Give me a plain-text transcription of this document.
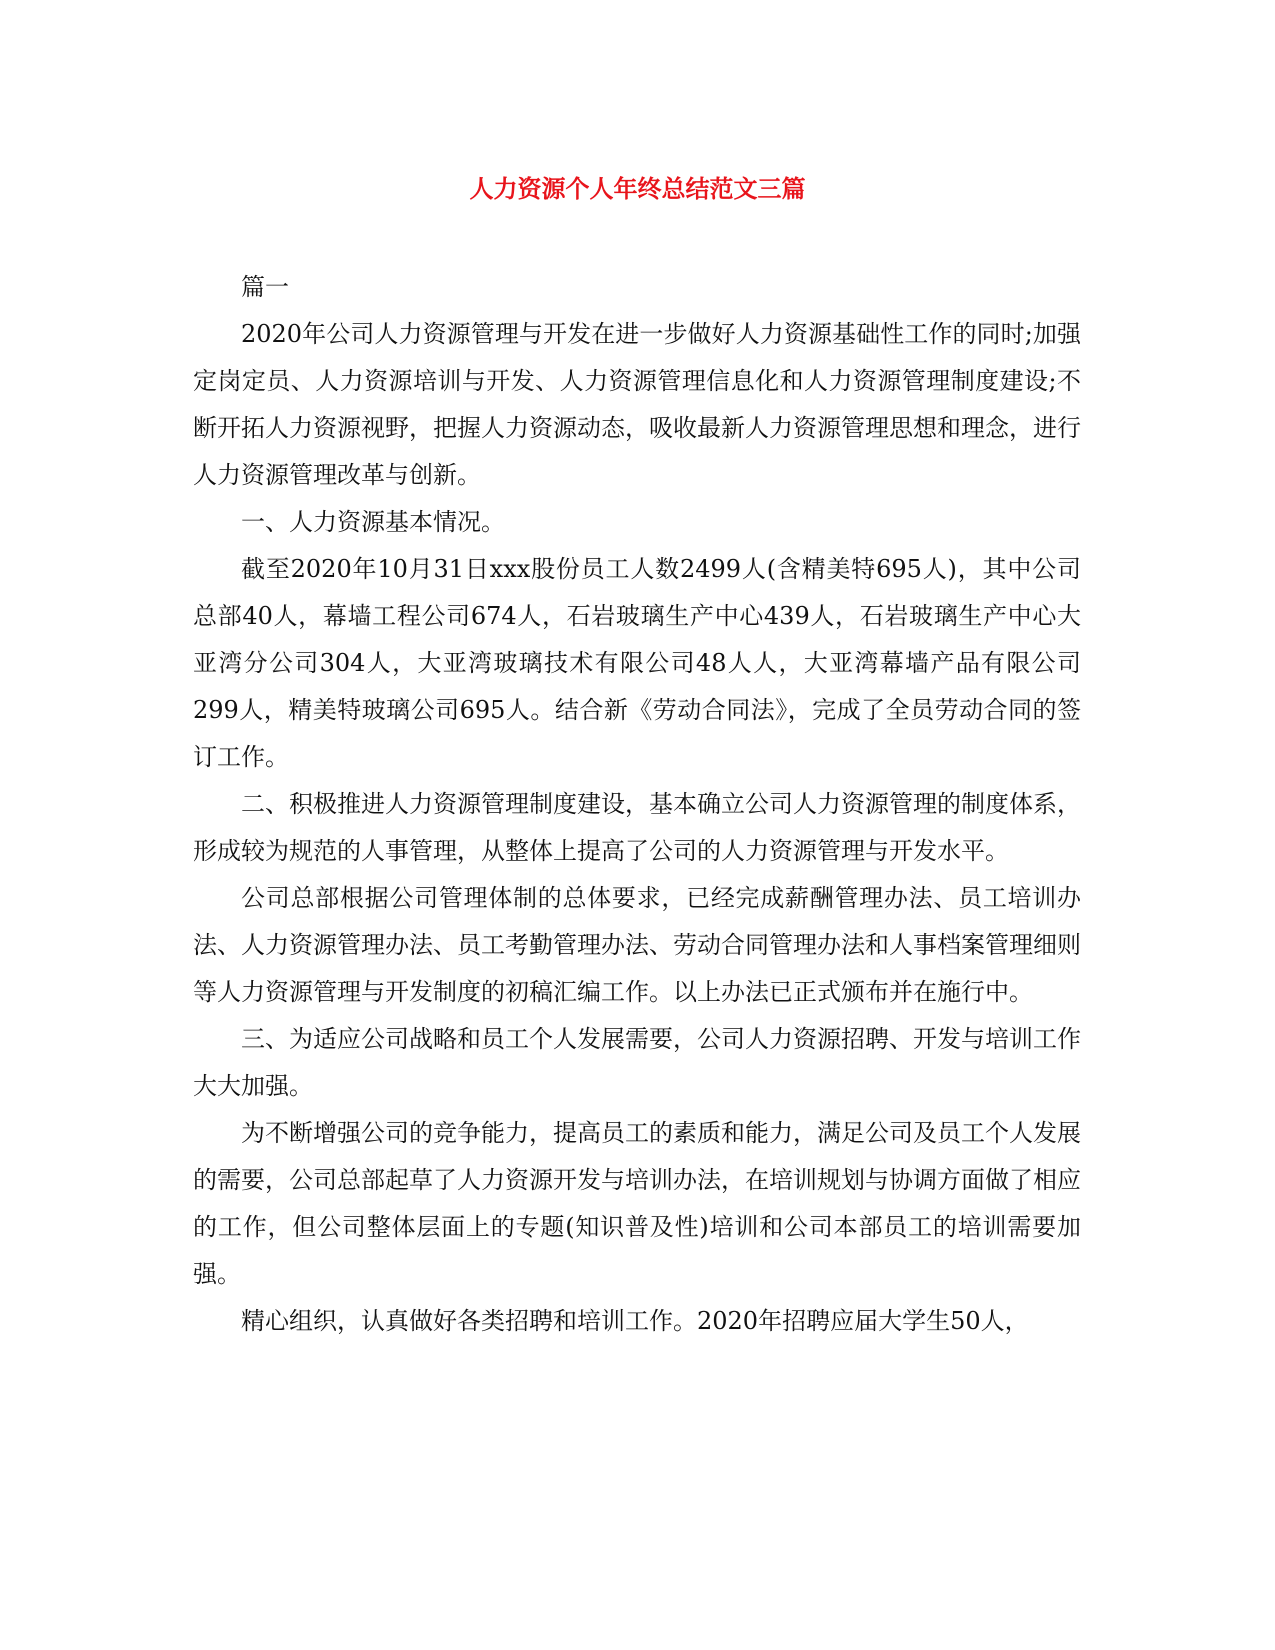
人力资源个人年终总结范文三篇

篇一

2020年公司人力资源管理与开发在进一步做好人力资源基础性工作的同时;加强定岗定员、人力资源培训与开发、人力资源管理信息化和人力资源管理制度建设;不断开拓人力资源视野，把握人力资源动态，吸收最新人力资源管理思想和理念，进行人力资源管理改革与创新。

一、人力资源基本情况。

截至2020年10月31日xxx股份员工人数2499人(含精美特695人)，其中公司总部40人，幕墙工程公司674人，石岩玻璃生产中心439人，石岩玻璃生产中心大亚湾分公司304人，大亚湾玻璃技术有限公司48人人，大亚湾幕墙产品有限公司299人，精美特玻璃公司695人。结合新《劳动合同法》，完成了全员劳动合同的签订工作。

二、积极推进人力资源管理制度建设，基本确立公司人力资源管理的制度体系，形成较为规范的人事管理，从整体上提高了公司的人力资源管理与开发水平。

公司总部根据公司管理体制的总体要求，已经完成薪酬管理办法、员工培训办法、人力资源管理办法、员工考勤管理办法、劳动合同管理办法和人事档案管理细则等人力资源管理与开发制度的初稿汇编工作。以上办法已正式颁布并在施行中。

三、为适应公司战略和员工个人发展需要，公司人力资源招聘、开发与培训工作大大加强。

为不断增强公司的竞争能力，提高员工的素质和能力，满足公司及员工个人发展的需要，公司总部起草了人力资源开发与培训办法，在培训规划与协调方面做了相应的工作，但公司整体层面上的专题(知识普及性)培训和公司本部员工的培训需要加强。

精心组织，认真做好各类招聘和培训工作。2020年招聘应届大学生50人，
